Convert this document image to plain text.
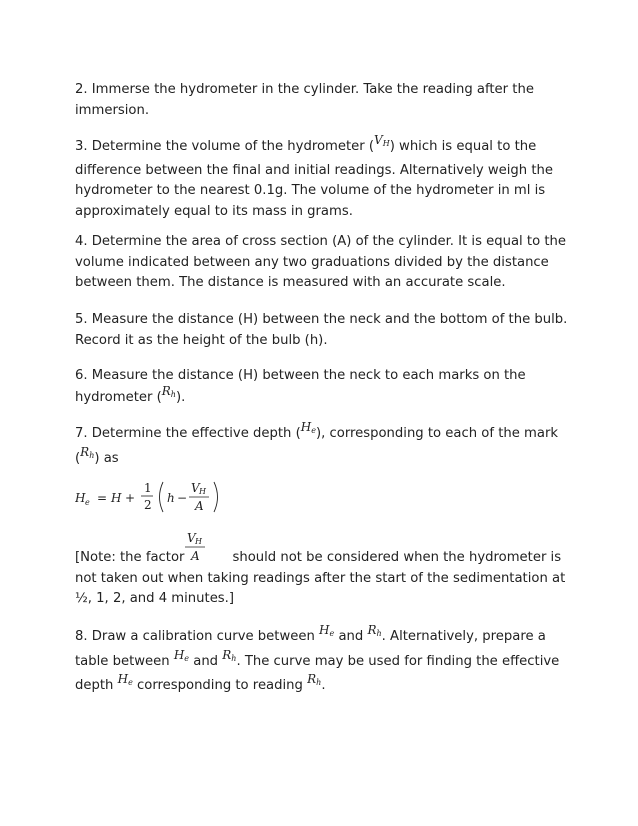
2. Immerse the hydrometer in the cylinder. Take the reading after the immersion.

3. Determine the volume of the hydrometer $(V_H)$ which is equal to the difference between the final and initial readings. Alternatively weigh the hydrometer to the nearest 0.1g. The volume of the hydrometer in ml is approximately equal to its mass in grams.

4. Determine the area of cross section (A) of the cylinder. It is equal to the volume indicated between any two graduations divided by the distance between them. The distance is measured with an accurate scale.

5. Measure the distance (H) between the neck and the bottom of the bulb. Record it as the height of the bulb (h).

6. Measure the distance (H) between the neck to each marks on the hydrometer $(R_h)$.

7. Determine the effective depth $(H_e)$, corresponding to each of the mark $(R_h)$ as

H e = H +
1
2 h −
V H
A
V H
A

[Note: the factor	should not be considered when the hydrometer is not taken out when taking readings after the start of the sedimentation at ½, 1, 2, and 4 minutes.]

8. Draw a calibration curve between $H_e$ and $R_h$. Alternatively, prepare a table between $H_e$ and $R_h$. The curve may be used for finding the effective depth $H_e$ corresponding to reading $R_h$.
